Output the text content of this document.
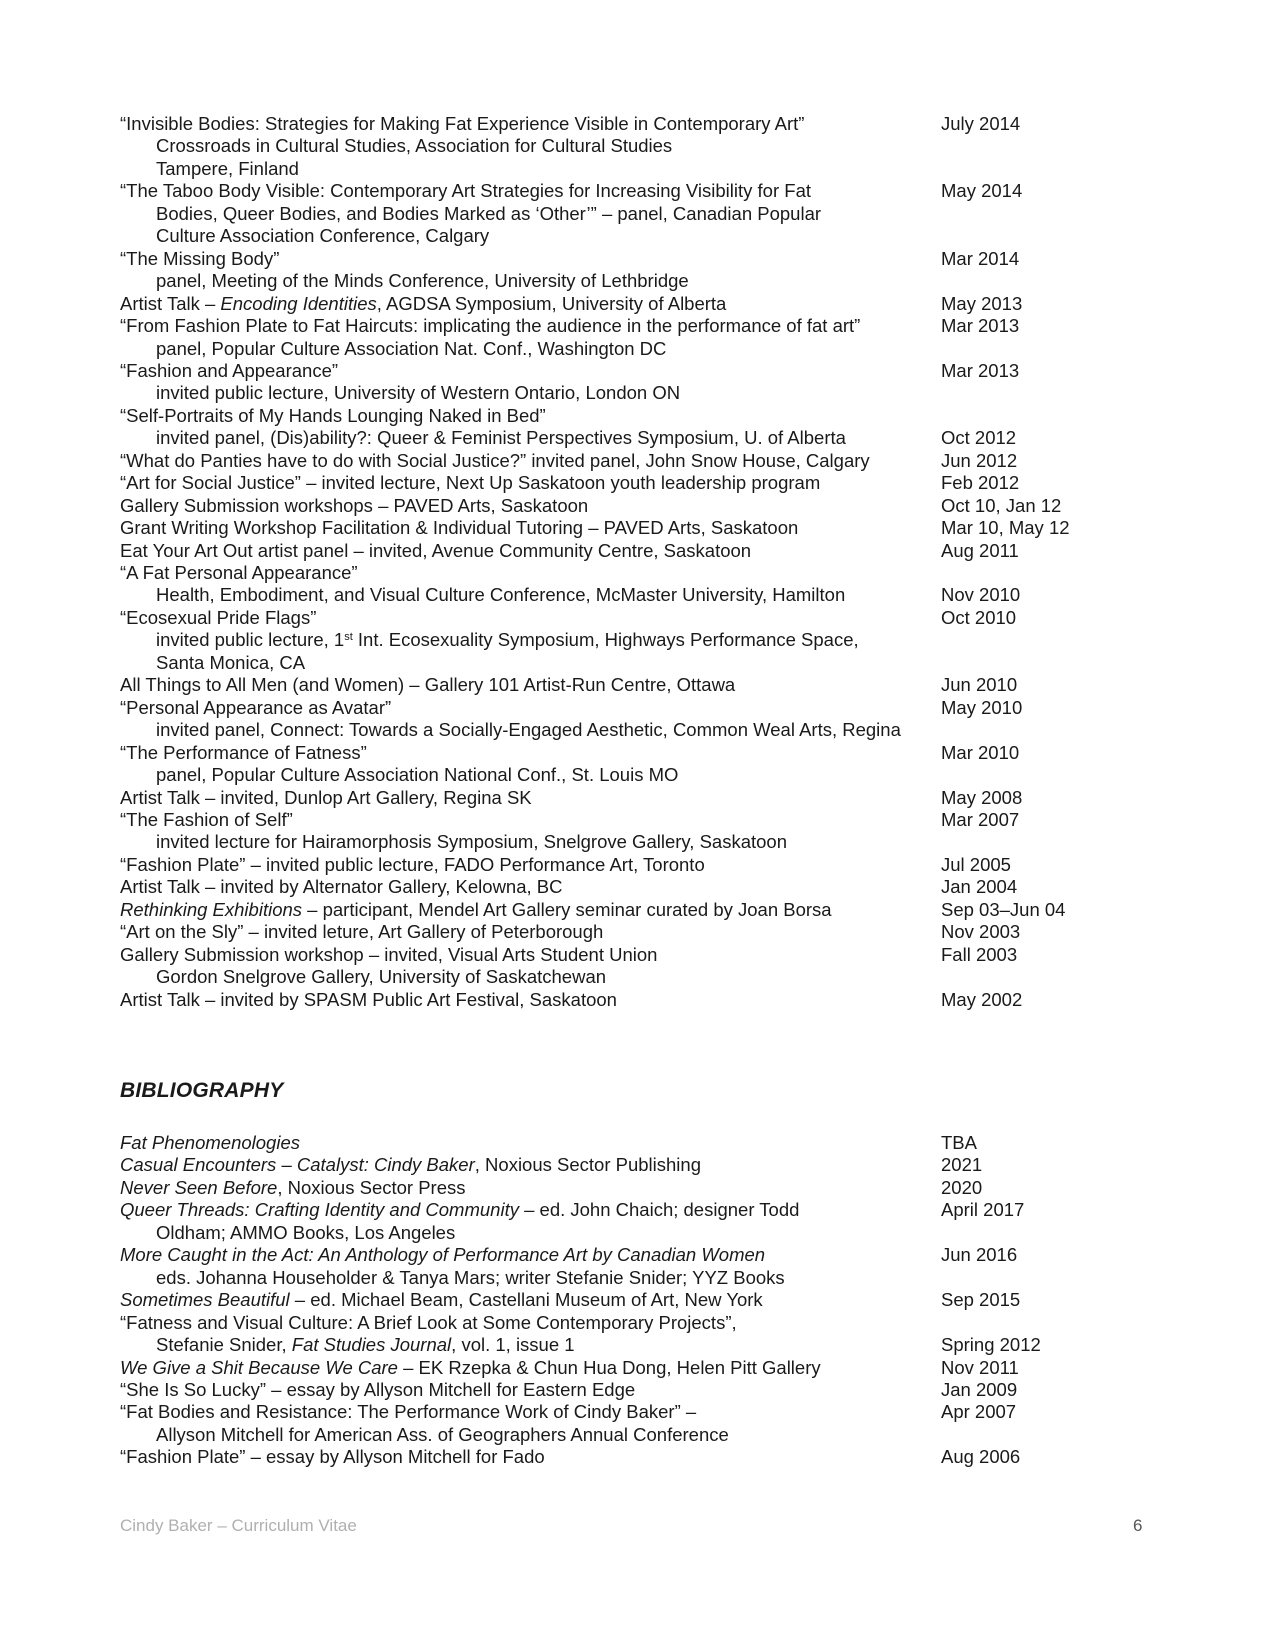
“Invisible Bodies: Strategies for Making Fat Experience Visible in Contemporary Art”	July 2014
Crossroads in Cultural Studies, Association for Cultural Studies
Tampere, Finland
“The Taboo Body Visible: Contemporary Art Strategies for Increasing Visibility for Fat	May 2014
Bodies, Queer Bodies, and Bodies Marked as ‘Other’” – panel, Canadian Popular
Culture Association Conference, Calgary
“The Missing Body”	Mar 2014
panel, Meeting of the Minds Conference, University of Lethbridge
Artist Talk – Encoding Identities, AGDSA Symposium, University of Alberta	May 2013
“From Fashion Plate to Fat Haircuts: implicating the audience in the performance of fat art”	Mar 2013
panel, Popular Culture Association Nat. Conf., Washington DC
“Fashion and Appearance”	Mar 2013
invited public lecture, University of Western Ontario, London ON
“Self-Portraits of My Hands Lounging Naked in Bed”
invited panel, (Dis)ability?: Queer & Feminist Perspectives Symposium, U. of Alberta	Oct 2012
“What do Panties have to do with Social Justice?” invited panel, John Snow House, Calgary	Jun 2012
“Art for Social Justice” – invited lecture, Next Up Saskatoon youth leadership program	Feb 2012
Gallery Submission workshops – PAVED Arts, Saskatoon	Oct 10, Jan 12
Grant Writing Workshop Facilitation & Individual Tutoring – PAVED Arts, Saskatoon	Mar 10, May 12
Eat Your Art Out artist panel – invited, Avenue Community Centre, Saskatoon	Aug 2011
“A Fat Personal Appearance”
Health, Embodiment, and Visual Culture Conference, McMaster University, Hamilton	Nov 2010
“Ecosexual Pride Flags”	Oct 2010
invited public lecture, 1st Int. Ecosexuality Symposium, Highways Performance Space,
Santa Monica, CA
All Things to All Men (and Women) – Gallery 101 Artist-Run Centre, Ottawa	Jun 2010
“Personal Appearance as Avatar”	May 2010
invited panel, Connect: Towards a Socially-Engaged Aesthetic, Common Weal Arts, Regina
“The Performance of Fatness”	Mar 2010
panel, Popular Culture Association National Conf., St. Louis MO
Artist Talk – invited, Dunlop Art Gallery, Regina SK	May 2008
“The Fashion of Self”	Mar 2007
invited lecture for Hairamorphosis Symposium, Snelgrove Gallery, Saskatoon
“Fashion Plate” – invited public lecture, FADO Performance Art, Toronto	Jul 2005
Artist Talk – invited by Alternator Gallery, Kelowna, BC	Jan 2004
Rethinking Exhibitions – participant, Mendel Art Gallery seminar curated by Joan Borsa	Sep 03–Jun 04
“Art on the Sly” – invited leture, Art Gallery of Peterborough	Nov 2003
Gallery Submission workshop – invited, Visual Arts Student Union	Fall 2003
Gordon Snelgrove Gallery, University of Saskatchewan
Artist Talk – invited by SPASM Public Art Festival, Saskatoon	May 2002
BIBLIOGRAPHY
Fat Phenomenologies	TBA
Casual Encounters – Catalyst: Cindy Baker, Noxious Sector Publishing	2021
Never Seen Before, Noxious Sector Press	2020
Queer Threads: Crafting Identity and Community – ed. John Chaich; designer Todd	April 2017
Oldham; AMMO Books, Los Angeles
More Caught in the Act: An Anthology of Performance Art by Canadian Women	Jun 2016
eds. Johanna Householder & Tanya Mars; writer Stefanie Snider; YYZ Books
Sometimes Beautiful – ed. Michael Beam, Castellani Museum of Art, New York	Sep 2015
“Fatness and Visual Culture: A Brief Look at Some Contemporary Projects”,
Stefanie Snider, Fat Studies Journal, vol. 1, issue 1	Spring 2012
We Give a Shit Because We Care – EK Rzepka & Chun Hua Dong, Helen Pitt Gallery	Nov 2011
“She Is So Lucky” – essay by Allyson Mitchell for Eastern Edge	Jan 2009
“Fat Bodies and Resistance: The Performance Work of Cindy Baker” –	Apr 2007
Allyson Mitchell for American Ass. of Geographers Annual Conference
“Fashion Plate” – essay by Allyson Mitchell for Fado	Aug 2006
Cindy Baker – Curriculum Vitae	6
